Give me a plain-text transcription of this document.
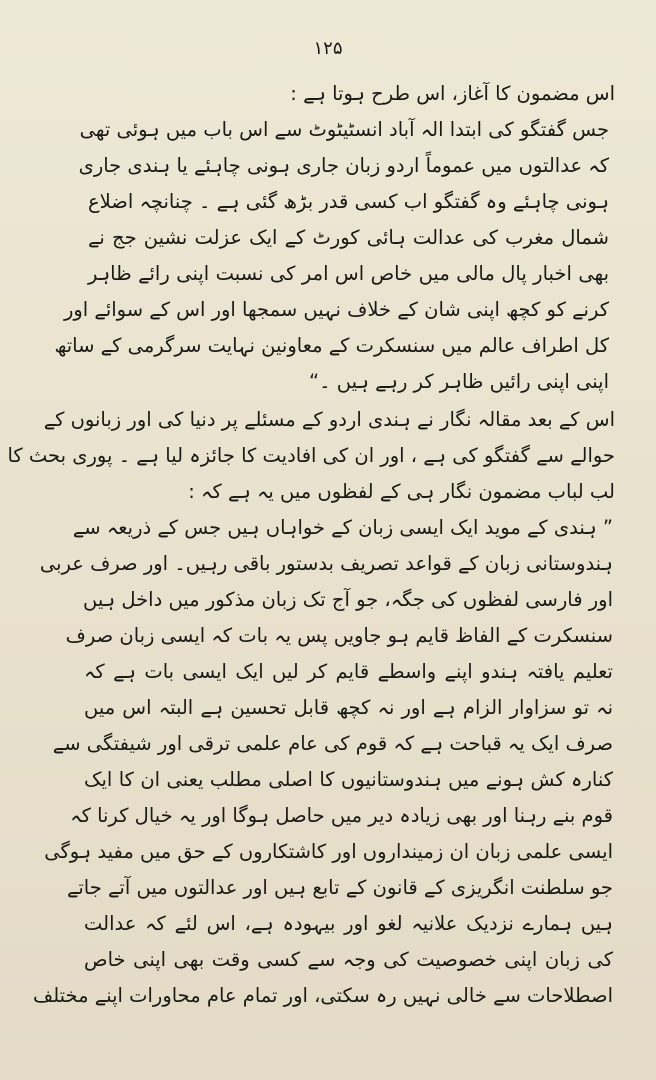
۱۲۵
اس مضمون کا آغاز، اس طرح ہوتا ہے :
جس گفتگو کی ابتدا الہ آباد انسٹیٹوٹ سے اس باب میں ہوئی تھی
کہ عدالتوں میں عموماً اردو زبان جاری ہونی چاہئے یا ہندی جاری
ہونی چاہئے وہ گفتگو اب کسی قدر بڑھ گئی ہے ۔ چنانچہ اضلاع
شمال مغرب کی عدالت ہائی کورٹ کے ایک عزلت نشین جج نے
بھی اخبار پال مالی میں خاص اس امر کی نسبت اپنی رائے ظاہر
کرنے کو کچھ اپنی شان کے خلاف نہیں سمجھا اور اس کے سوائے اور
کل اطراف عالم میں سنسکرت کے معاونین نہایت سرگرمی کے ساتھ
اپنی اپنی رائیں ظاہر کر رہے ہیں ۔“
اس کے بعد مقالہ نگار نے ہندی اردو کے مسئلے پر دنیا کی اور زبانوں کے
حوالے سے گفتگو کی ہے ، اور ان کی افادیت کا جائزہ لیا ہے ۔ پوری بحث کا
لب لباب مضمون نگار ہی کے لفظوں میں یہ ہے کہ :
” ہندی کے موید ایک ایسی زبان کے خواہاں ہیں جس کے ذریعہ سے
ہندوستانی زبان کے قواعد تصریف بدستور باقی رہیں۔ اور صرف عربی
اور فارسی لفظوں کی جگہ، جو آج تک زبان مذکور میں داخل ہیں
سنسکرت کے الفاظ قایم ہو جاویں پس یہ بات کہ ایسی زبان صرف
تعلیم یافتہ ہندو اپنے واسطے قایم کر لیں ایک ایسی بات ہے کہ
نہ تو سزاوار الزام ہے اور نہ کچھ قابل تحسین ہے البتہ اس میں
صرف ایک یہ قباحت ہے کہ قوم کی عام علمی ترقی اور شیفتگی سے
کنارہ کش ہونے میں ہندوستانیوں کا اصلی مطلب یعنی ان کا ایک
قوم بنے رہنا اور بھی زیادہ دیر میں حاصل ہوگا اور یہ خیال کرنا کہ
ایسی علمی زبان ان زمینداروں اور کاشتکاروں کے حق میں مفید ہوگی
جو سلطنت انگریزی کے قانون کے تابع ہیں اور عدالتوں میں آتے جاتے
ہیں ہمارے نزدیک علانیہ لغو اور بیہودہ ہے، اس لئے کہ عدالت
کی زبان اپنی خصوصیت کی وجہ سے کسی وقت بھی اپنی خاص
اصطلاحات سے خالی نہیں رہ سکتی، اور تمام عام محاورات اپنے مختلف
